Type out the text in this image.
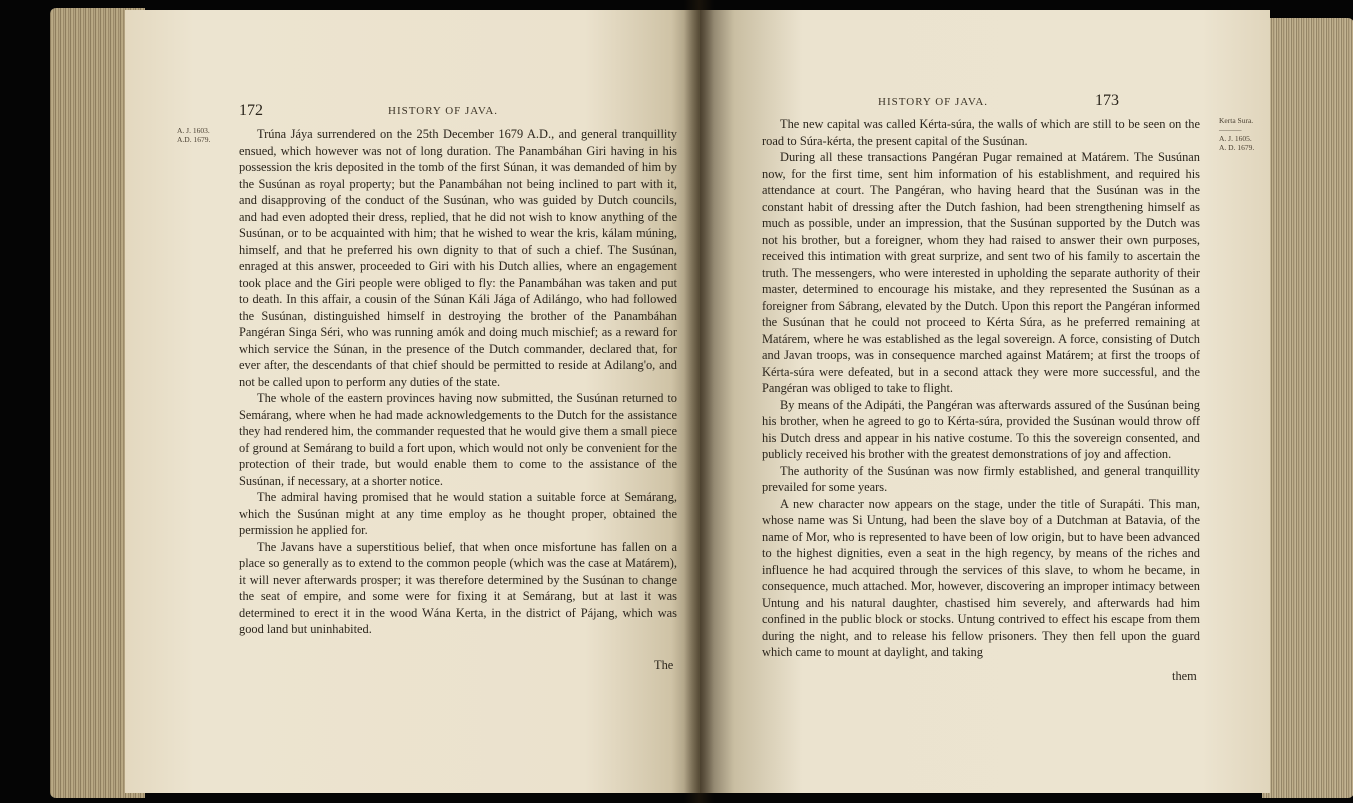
172	HISTORY OF JAVA.
A. J. 1603.
A.D. 1679.	Trúna Jáya surrendered on the 25th December 1679 A.D., and general tranquillity ensued, which however was not of long duration. The Panambáhan Giri having in his possession the kris deposited in the tomb of the first Súnan, it was demanded of him by the Susúnan as royal property; but the Panambáhan not being inclined to part with it, and disapproving of the conduct of the Susúnan, who was guided by Dutch councils, and had even adopted their dress, replied, that he did not wish to know anything of the Susúnan, or to be acquainted with him; that he wished to wear the kris, kálam múning, himself, and that he preferred his own dignity to that of such a chief. The Susúnan, enraged at this answer, proceeded to Giri with his Dutch allies, where an engagement took place and the Giri people were obliged to fly: the Panambáhan was taken and put to death. In this affair, a cousin of the Súnan Káli Jága of Adilángo, who had followed the Susúnan, distinguished himself in destroying the brother of the Panambáhan Pangéran Singa Séri, who was running amók and doing much mischief; as a reward for which service the Súnan, in the presence of the Dutch commander, declared that, for ever after, the descendants of that chief should be permitted to reside at Adilang'o, and not be called upon to perform any duties of the state.

The whole of the eastern provinces having now submitted, the Susúnan returned to Semárang, where when he had made acknowledgements to the Dutch for the assistance they had rendered him, the commander requested that he would give them a small piece of ground at Semárang to build a fort upon, which would not only be convenient for the protection of their trade, but would enable them to come to the assistance of the Susúnan, if necessary, at a shorter notice.

The admiral having promised that he would station a suitable force at Semárang, which the Susúnan might at any time employ as he thought proper, obtained the permission he applied for.

The Javans have a superstitious belief, that when once misfortune has fallen on a place so generally as to extend to the common people (which was the case at Matárem), it will never afterwards prosper; it was therefore determined by the Susúnan to change the seat of empire, and some were for fixing it at Semárang, but at last it was determined to erect it in the wood Wána Kerta, in the district of Pájang, which was good land but uninhabited.

The
HISTORY OF JAVA.	173
Kerta Sura.
———
A. J. 1605.
A. D. 1679.

The new capital was called Kérta-súra, the walls of which are still to be seen on the road to Súra-kérta, the present capital of the Susúnan.

During all these transactions Pangéran Pugar remained at Matárem. The Susúnan now, for the first time, sent him information of his establishment, and required his attendance at court. The Pangéran, who having heard that the Susúnan was in the constant habit of dressing after the Dutch fashion, had been strengthening himself as much as possible, under an impression, that the Susúnan supported by the Dutch was not his brother, but a foreigner, whom they had raised to answer their own purposes, received this intimation with great surprize, and sent two of his family to ascertain the truth. The messengers, who were interested in upholding the separate authority of their master, determined to encourage his mistake, and they represented the Susúnan as a foreigner from Sábrang, elevated by the Dutch. Upon this report the Pangéran informed the Susúnan that he could not proceed to Kérta Súra, as he preferred remaining at Matárem, where he was established as the legal sovereign. A force, consisting of Dutch and Javan troops, was in consequence marched against Matárem; at first the troops of Kérta-súra were defeated, but in a second attack they were more successful, and the Pangéran was obliged to take to flight.

By means of the Adipáti, the Pangéran was afterwards assured of the Susúnan being his brother, when he agreed to go to Kérta-súra, provided the Susúnan would throw off his Dutch dress and appear in his native costume. To this the sovereign consented, and publicly received his brother with the greatest demonstrations of joy and affection.

The authority of the Susúnan was now firmly established, and general tranquillity prevailed for some years.

A new character now appears on the stage, under the title of Surapáti. This man, whose name was Si Untung, had been the slave boy of a Dutchman at Batavia, of the name of Mor, who is represented to have been of low origin, but to have been advanced to the highest dignities, even a seat in the high regency, by means of the riches and influence he had acquired through the services of this slave, to whom he became, in consequence, much attached. Mor, however, discovering an improper intimacy between Untung and his natural daughter, chastised him severely, and afterwards had him confined in the public block or stocks. Untung contrived to effect his escape from them during the night, and to release his fellow prisoners. They then fell upon the guard which came to mount at daylight, and taking

them
